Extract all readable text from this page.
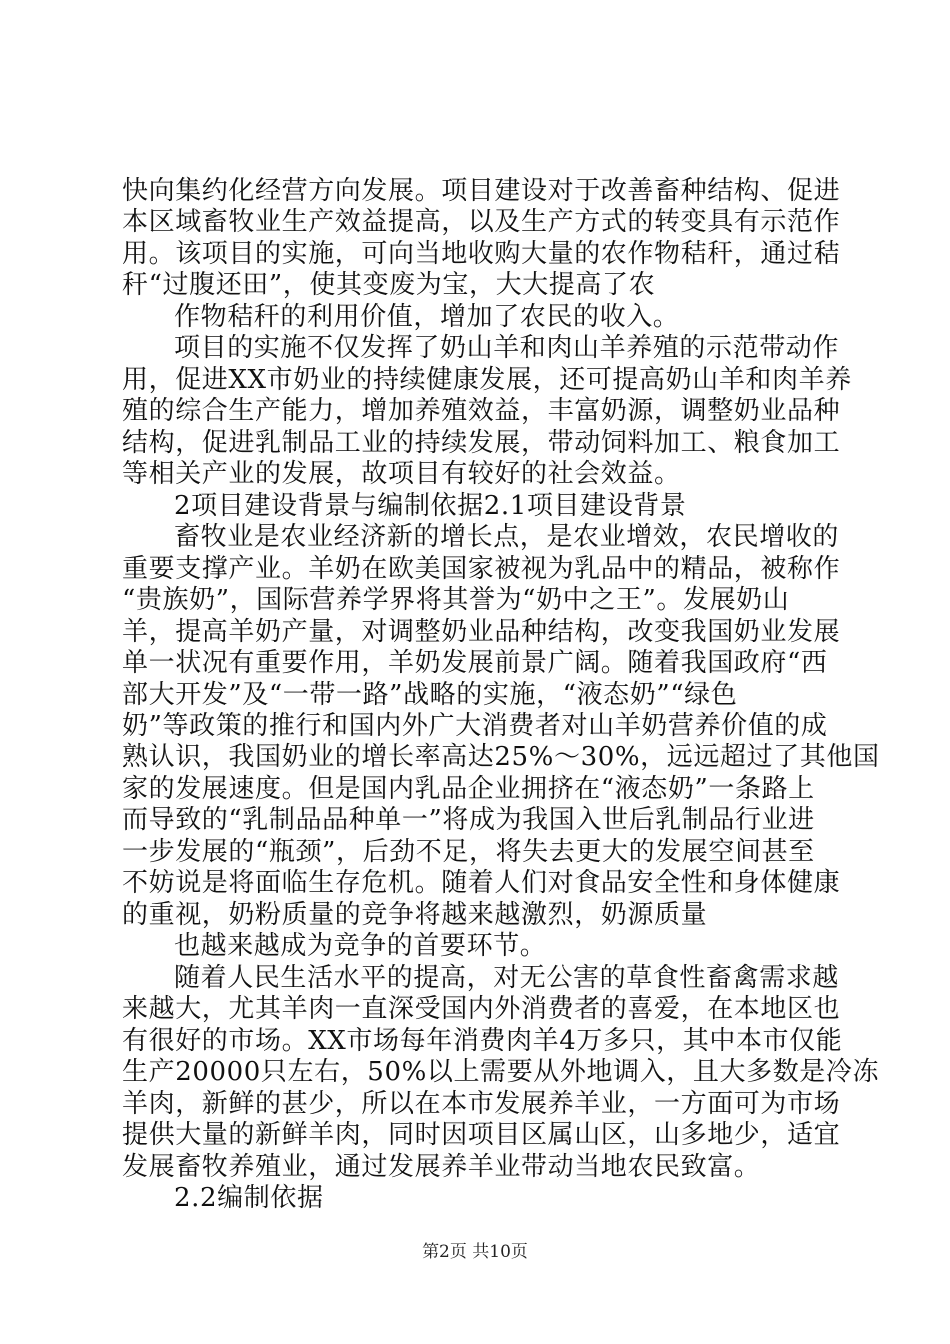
快向集约化经营方向发展。项目建设对于改善畜种结构、促进
本区域畜牧业生产效益提高，以及生产方式的转变具有示范作
用。该项目的实施，可向当地收购大量的农作物秸秆，通过秸
秆“过腹还田”，使其变废为宝，大大提高了农
作物秸秆的利用价值，增加了农民的收入。
项目的实施不仅发挥了奶山羊和肉山羊养殖的示范带动作
用，促进XX市奶业的持续健康发展，还可提高奶山羊和肉羊养
殖的综合生产能力，增加养殖效益，丰富奶源，调整奶业品种
结构，促进乳制品工业的持续发展，带动饲料加工、粮食加工
等相关产业的发展，故项目有较好的社会效益。
2项目建设背景与编制依据2.1项目建设背景
畜牧业是农业经济新的增长点，是农业增效，农民增收的
重要支撑产业。羊奶在欧美国家被视为乳品中的精品，被称作
“贵族奶”，国际营养学界将其誉为“奶中之王”。发展奶山
羊，提高羊奶产量，对调整奶业品种结构，改变我国奶业发展
单一状况有重要作用，羊奶发展前景广阔。随着我国政府“西
部大开发”及“一带一路”战略的实施，“液态奶”“绿色
奶”等政策的推行和国内外广大消费者对山羊奶营养价值的成
熟认识，我国奶业的增长率高达25%～30%，远远超过了其他国
家的发展速度。但是国内乳品企业拥挤在“液态奶”一条路上
而导致的“乳制品品种单一”将成为我国入世后乳制品行业进
一步发展的“瓶颈”，后劲不足，将失去更大的发展空间甚至
不妨说是将面临生存危机。随着人们对食品安全性和身体健康
的重视，奶粉质量的竞争将越来越激烈，奶源质量
也越来越成为竞争的首要环节。
随着人民生活水平的提高，对无公害的草食性畜禽需求越
来越大，尤其羊肉一直深受国内外消费者的喜爱，在本地区也
有很好的市场。XX市场每年消费肉羊4万多只，其中本市仅能
生产20000只左右，50%以上需要从外地调入，且大多数是冷冻
羊肉，新鲜的甚少，所以在本市发展养羊业，一方面可为市场
提供大量的新鲜羊肉，同时因项目区属山区，山多地少，适宜
发展畜牧养殖业，通过发展养羊业带动当地农民致富。
2.2编制依据
第2页 共10页
